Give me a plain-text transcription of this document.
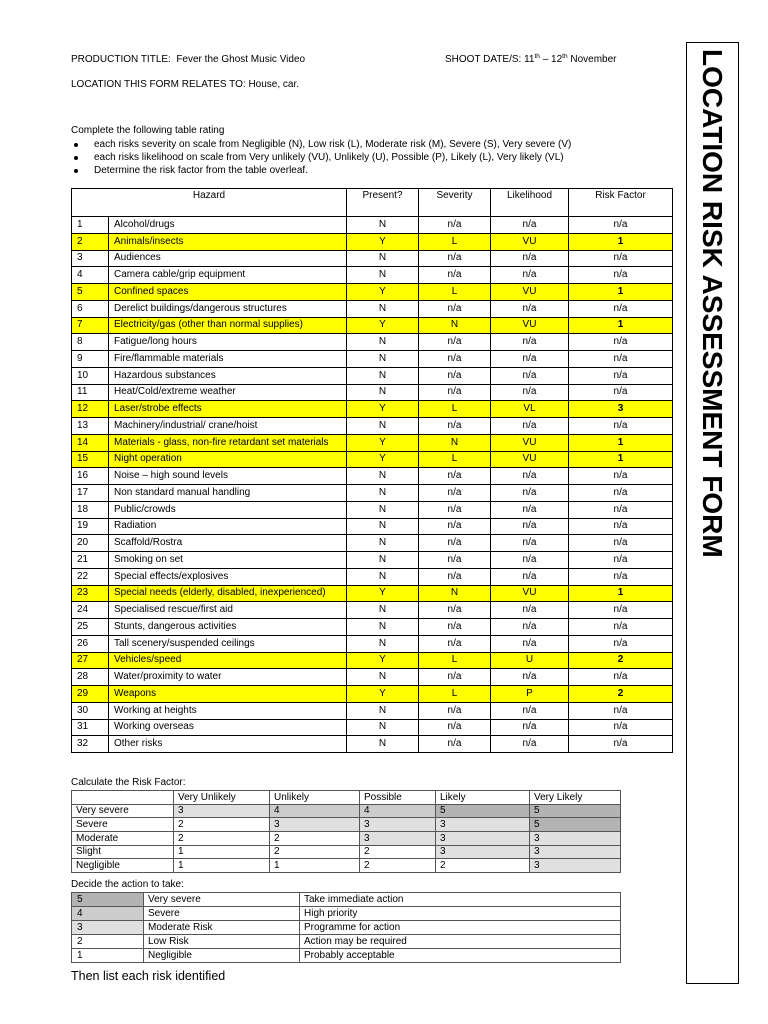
PRODUCTION TITLE: Fever the Ghost Music Video	SHOOT DATE/S: 11th – 12th November
LOCATION THIS FORM RELATES TO: House, car.
Complete the following table rating
each risks severity on scale from Negligible (N), Low risk (L), Moderate risk (M), Severe (S), Very severe (V)
each risks likelihood on scale from Very unlikely (VU), Unlikely (U), Possible (P), Likely (L), Very likely (VL)
Determine the risk factor from the table overleaf.
Hazard		Present?	Severity	Likelihood	Risk Factor
1	Alcohol/drugs	N	n/a	n/a	n/a
2	Animals/insects	Y	L	VU	1
3	Audiences	N	n/a	n/a	n/a
4	Camera cable/grip equipment	N	n/a	n/a	n/a
5	Confined spaces	Y	L	VU	1
6	Derelict buildings/dangerous structures	N	n/a	n/a	n/a
7	Electricity/gas (other than normal supplies)	Y	N	VU	1
8	Fatigue/long hours	N	n/a	n/a	n/a
9	Fire/flammable materials	N	n/a	n/a	n/a
10	Hazardous substances	N	n/a	n/a	n/a
11	Heat/Cold/extreme weather	N	n/a	n/a	n/a
12	Laser/strobe effects	Y	L	VL	3
13	Machinery/industrial/ crane/hoist	N	n/a	n/a	n/a
14	Materials - glass, non-fire retardant set materials	Y	N	VU	1
15	Night operation	Y	L	VU	1
16	Noise – high sound levels	N	n/a	n/a	n/a
17	Non standard manual handling	N	n/a	n/a	n/a
18	Public/crowds	N	n/a	n/a	n/a
19	Radiation	N	n/a	n/a	n/a
20	Scaffold/Rostra	N	n/a	n/a	n/a
21	Smoking on set	N	n/a	n/a	n/a
22	Special effects/explosives	N	n/a	n/a	n/a
23	Special needs (elderly, disabled, inexperienced)	Y	N	VU	1
24	Specialised rescue/first aid	N	n/a	n/a	n/a
25	Stunts, dangerous activities	N	n/a	n/a	n/a
26	Tall scenery/suspended ceilings	N	n/a	n/a	n/a
27	Vehicles/speed	Y	L	U	2
28	Water/proximity to water	N	n/a	n/a	n/a
29	Weapons	Y	L	P	2
30	Working at heights	N	n/a	n/a	n/a
31	Working overseas	N	n/a	n/a	n/a
32	Other risks	N	n/a	n/a	n/a
Calculate the Risk Factor:
	Very Unlikely	Unlikely	Possible	Likely	Very Likely
Very severe	3	4	4	5	5
Severe	2	3	3	3	5
Moderate	2	2	3	3	3
Slight	1	2	2	3	3
Negligible	1	1	2	2	3
Decide the action to take:
5	Very severe	Take immediate action
4	Severe	High priority
3	Moderate Risk	Programme for action
2	Low Risk	Action may be required
1	Negligible	Probably acceptable
Then list each risk identified
LOCATION RISK ASSESSMENT FORM
